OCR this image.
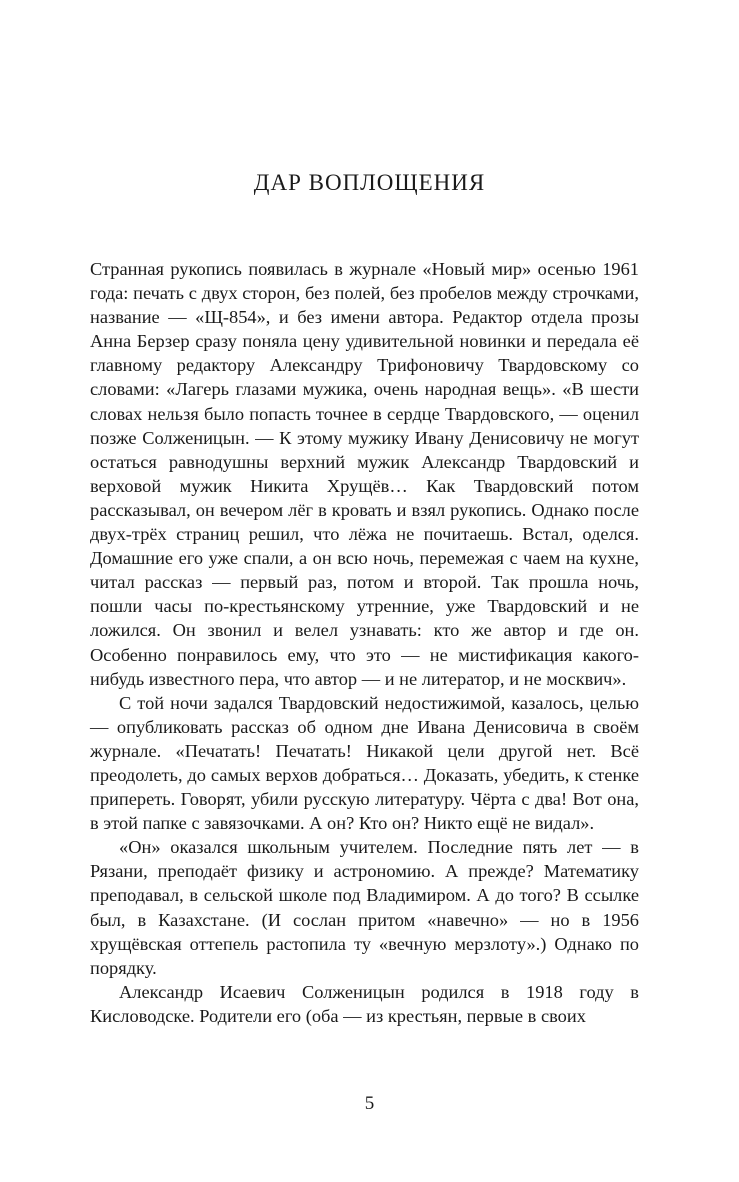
ДАР ВОПЛОЩЕНИЯ

Странная рукопись появилась в журнале «Новый мир» осенью 1961 года: печать с двух сторон, без полей, без пробелов между строчками, название — «Щ-854», и без имени автора. Редактор отдела прозы Анна Берзер сразу поняла цену удивительной новинки и передала её главному редактору Александру Трифоновичу Твардовскому со словами: «Лагерь глазами мужика, очень народная вещь». «В шести словах нельзя было попасть точнее в сердце Твардовского, — оценил позже Солженицын. — К этому мужику Ивану Денисовичу не могут остаться равнодушны верхний мужик Александр Твардовский и верховой мужик Никита Хрущёв… Как Твардовский потом рассказывал, он вечером лёг в кровать и взял рукопись. Однако после двух-трёх страниц решил, что лёжа не почитаешь. Встал, оделся. Домашние его уже спали, а он всю ночь, перемежая с чаем на кухне, читал рассказ — первый раз, потом и второй. Так прошла ночь, пошли часы по-крестьянскому утренние, уже Твардовский и не ложился. Он звонил и велел узнавать: кто же автор и где он. Особенно понравилось ему, что это — не мистификация какого-нибудь известного пера, что автор — и не литератор, и не москвич».

С той ночи задался Твардовский недостижимой, казалось, целью — опубликовать рассказ об одном дне Ивана Денисовича в своём журнале. «Печатать! Печатать! Никакой цели другой нет. Всё преодолеть, до самых верхов добраться… Доказать, убедить, к стенке припереть. Говорят, убили русскую литературу. Чёрта с два! Вот она, в этой папке с завязочками. А он? Кто он? Никто ещё не видал».

«Он» оказался школьным учителем. Последние пять лет — в Рязани, преподаёт физику и астрономию. А прежде? Математику преподавал, в сельской школе под Владимиром. А до того? В ссылке был, в Казахстане. (И сослан притом «навечно» — но в 1956 хрущёвская оттепель растопила ту «вечную мерзлоту».) Однако по порядку.

Александр Исаевич Солженицын родился в 1918 году в Кисловодске. Родители его (оба — из крестьян, первые в своих

5
